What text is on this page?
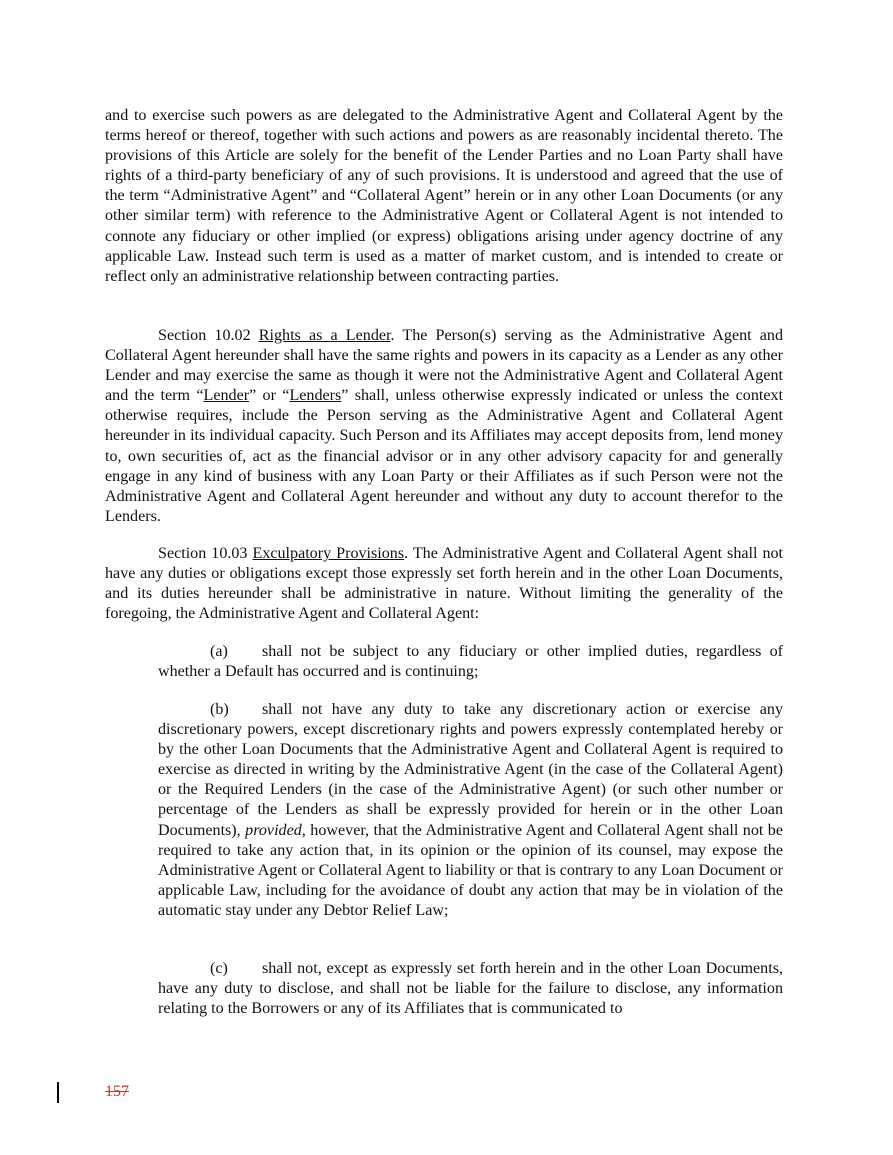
and to exercise such powers as are delegated to the Administrative Agent and Collateral Agent by the terms hereof or thereof, together with such actions and powers as are reasonably incidental thereto. The provisions of this Article are solely for the benefit of the Lender Parties and no Loan Party shall have rights of a third-party beneficiary of any of such provisions. It is understood and agreed that the use of the term “Administrative Agent” and “Collateral Agent” herein or in any other Loan Documents (or any other similar term) with reference to the Administrative Agent or Collateral Agent is not intended to connote any fiduciary or other implied (or express) obligations arising under agency doctrine of any applicable Law. Instead such term is used as a matter of market custom, and is intended to create or reflect only an administrative relationship between contracting parties.

Section 10.02 Rights as a Lender. The Person(s) serving as the Administrative Agent and Collateral Agent hereunder shall have the same rights and powers in its capacity as a Lender as any other Lender and may exercise the same as though it were not the Administrative Agent and Collateral Agent and the term “Lender” or “Lenders” shall, unless otherwise expressly indicated or unless the context otherwise requires, include the Person serving as the Administrative Agent and Collateral Agent hereunder in its individual capacity. Such Person and its Affiliates may accept deposits from, lend money to, own securities of, act as the financial advisor or in any other advisory capacity for and generally engage in any kind of business with any Loan Party or their Affiliates as if such Person were not the Administrative Agent and Collateral Agent hereunder and without any duty to account therefor to the Lenders.

Section 10.03 Exculpatory Provisions. The Administrative Agent and Collateral Agent shall not have any duties or obligations except those expressly set forth herein and in the other Loan Documents, and its duties hereunder shall be administrative in nature. Without limiting the generality of the foregoing, the Administrative Agent and Collateral Agent:

(a) shall not be subject to any fiduciary or other implied duties, regardless of whether a Default has occurred and is continuing;

(b) shall not have any duty to take any discretionary action or exercise any discretionary powers, except discretionary rights and powers expressly contemplated hereby or by the other Loan Documents that the Administrative Agent and Collateral Agent is required to exercise as directed in writing by the Administrative Agent (in the case of the Collateral Agent) or the Required Lenders (in the case of the Administrative Agent) (or such other number or percentage of the Lenders as shall be expressly provided for herein or in the other Loan Documents), provided, however, that the Administrative Agent and Collateral Agent shall not be required to take any action that, in its opinion or the opinion of its counsel, may expose the Administrative Agent or Collateral Agent to liability or that is contrary to any Loan Document or applicable Law, including for the avoidance of doubt any action that may be in violation of the automatic stay under any Debtor Relief Law;

(c) shall not, except as expressly set forth herein and in the other Loan Documents, have any duty to disclose, and shall not be liable for the failure to disclose, any information relating to the Borrowers or any of its Affiliates that is communicated to

157
